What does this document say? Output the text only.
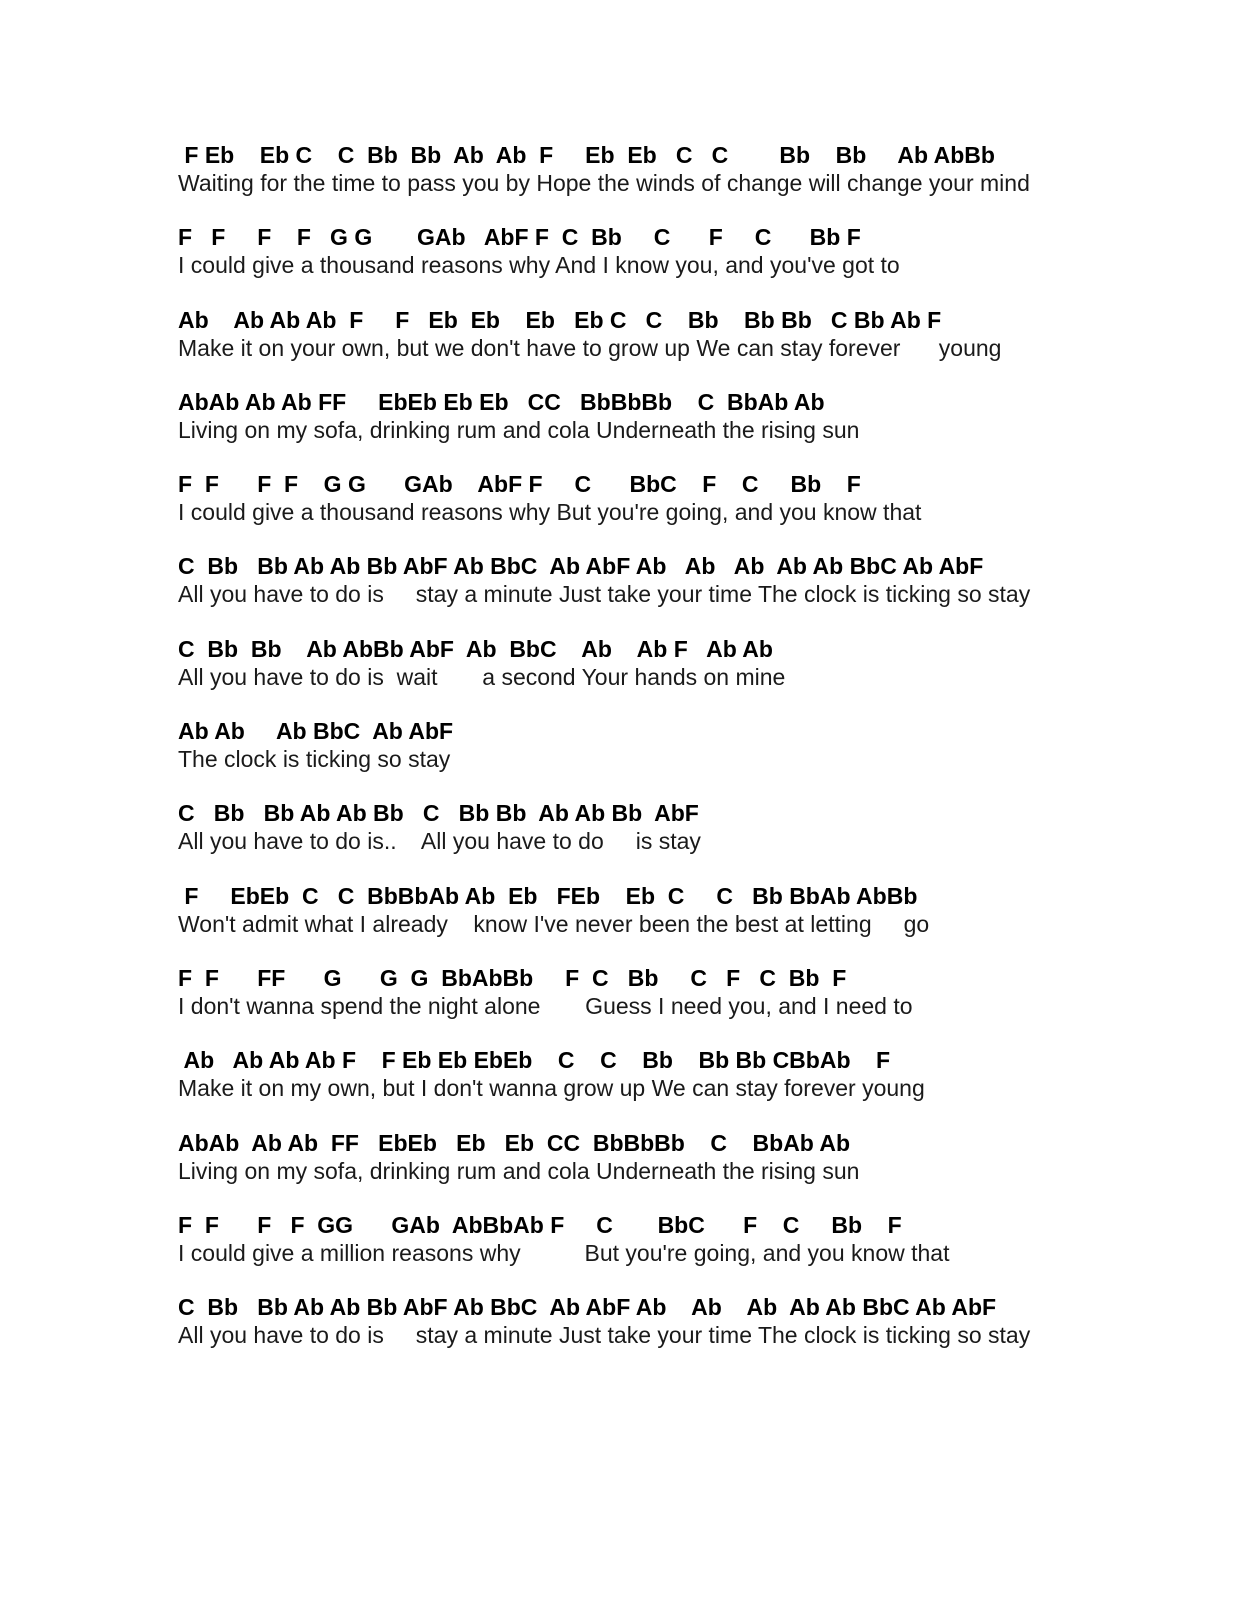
F Eb    Eb C    C  Bb  Bb  Ab  Ab  F     Eb  Eb   C   C        Bb    Bb     Ab AbBb
Waiting for the time to pass you by Hope the winds of change will change your mind
F   F     F    F   G G       GAb   AbF F  C  Bb     C      F     C      Bb F
I could give a thousand reasons why And I know you, and you've got to
Ab    Ab Ab Ab  F     F   Eb  Eb    Eb   Eb C   C    Bb    Bb Bb   C Bb Ab F
Make it on your own, but we don't have to grow up We can stay forever      young
AbAb Ab Ab FF     EbEb Eb Eb   CC   BbBbBb    C  BbAb Ab
Living on my sofa, drinking rum and cola Underneath the rising sun
F  F      F  F    G G      GAb    AbF F     C      BbC    F    C     Bb    F
I could give a thousand reasons why But you're going, and you know that
C  Bb   Bb Ab Ab Bb AbF Ab BbC  Ab AbF Ab   Ab   Ab  Ab Ab BbC Ab AbF
All you have to do is     stay a minute Just take your time The clock is ticking so stay
C  Bb  Bb    Ab AbBb AbF  Ab  BbC    Ab    Ab F   Ab Ab
All you have to do is  wait       a second Your hands on mine
Ab Ab     Ab BbC  Ab AbF
The clock is ticking so stay
C   Bb   Bb Ab Ab Bb   C   Bb Bb  Ab Ab Bb  AbF
All you have to do is..    All you have to do     is stay
F     EbEb  C   C  BbBbAb Ab  Eb   FEb    Eb  C     C   Bb BbAb AbBb
Won't admit what I already    know I've never been the best at letting     go
F  F      FF      G      G  G  BbAbBb     F  C   Bb     C   F   C  Bb  F
I don't wanna spend the night alone       Guess I need you, and I need to
Ab   Ab Ab Ab F    F Eb Eb EbEb    C    C    Bb    Bb Bb CBbAb    F
Make it on my own, but I don't wanna grow up We can stay forever young
AbAb  Ab Ab  FF   EbEb   Eb   Eb  CC  BbBbBb    C    BbAb Ab
Living on my sofa, drinking rum and cola Underneath the rising sun
F  F      F   F  GG      GAb  AbBbAb F     C       BbC      F    C     Bb    F
I could give a million reasons why          But you're going, and you know that
C  Bb   Bb Ab Ab Bb AbF Ab BbC  Ab AbF Ab    Ab    Ab  Ab Ab BbC Ab AbF
All you have to do is     stay a minute Just take your time The clock is ticking so stay
